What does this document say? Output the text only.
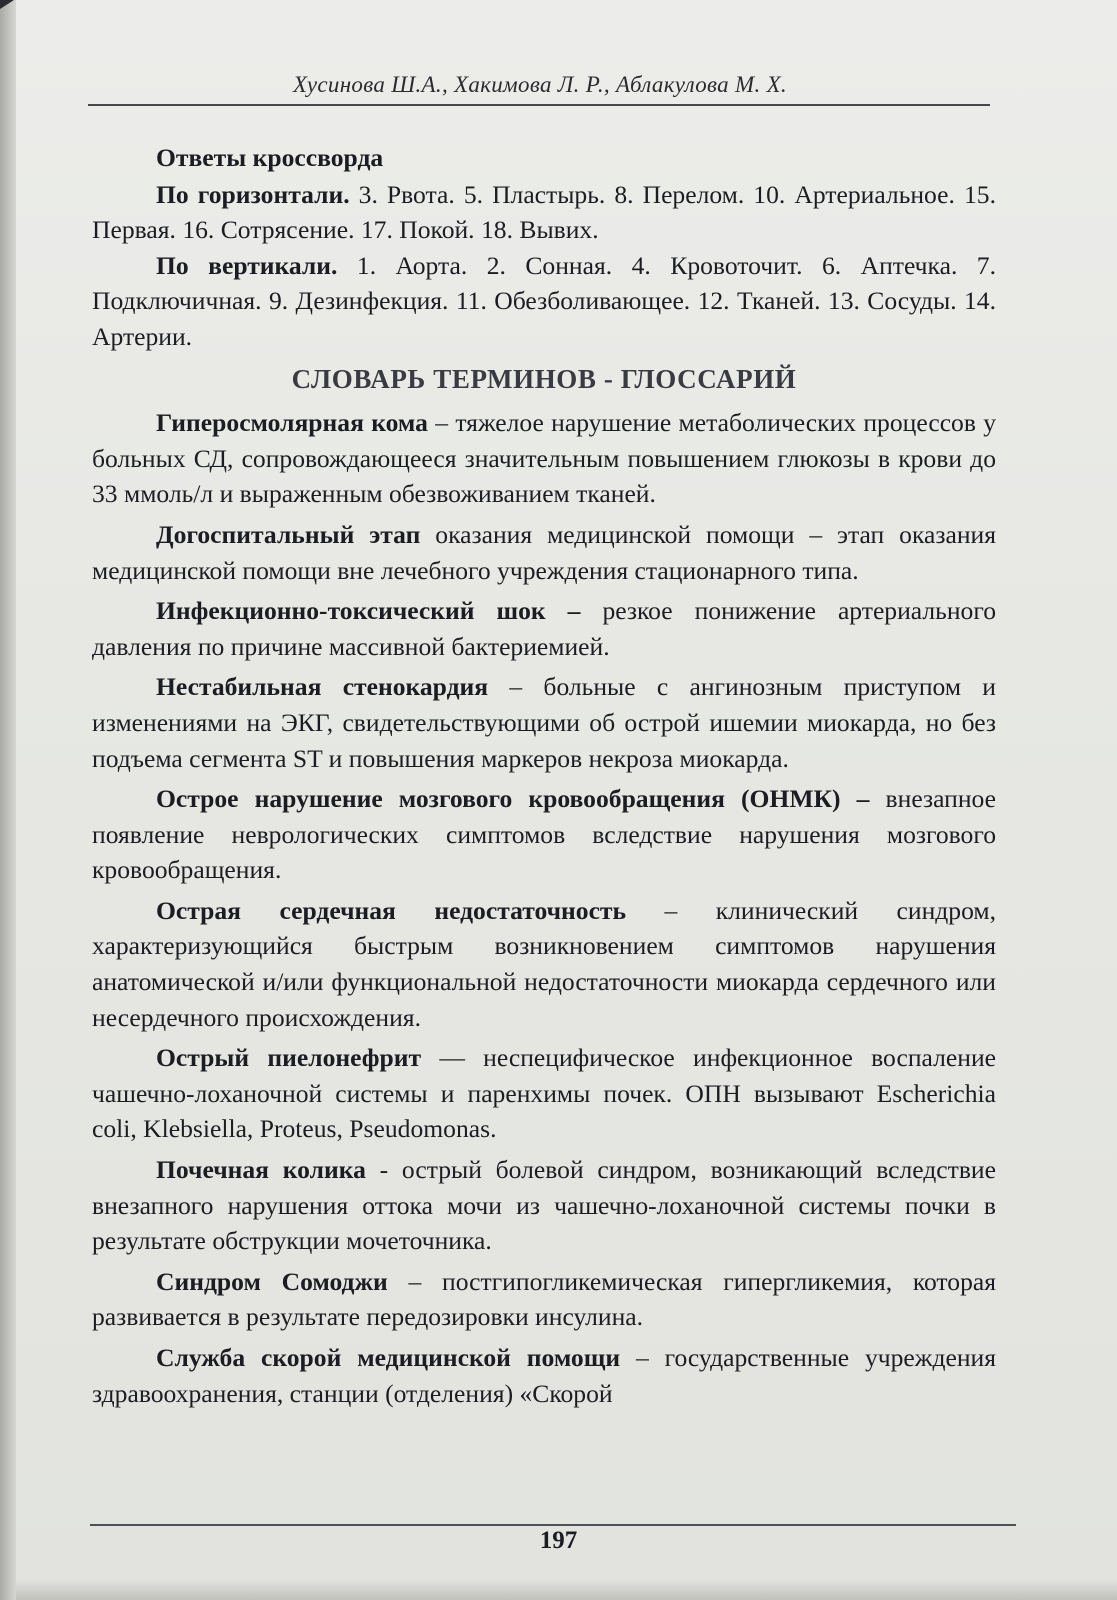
Хусинова Ш.А., Хакимова Л. Р., Аблакулова М. Х.
Ответы кроссворда

По горизонтали. 3. Рвота. 5. Пластырь. 8. Перелом. 10. Артериальное. 15. Первая. 16. Сотрясение. 17. Покой. 18. Вывих.

По вертикали. 1. Аорта. 2. Сонная. 4. Кровоточит. 6. Аптечка. 7. Подключичная. 9. Дезинфекция. 11. Обезболивающее. 12. Тканей. 13. Сосуды. 14. Артерии.

СЛОВАРЬ ТЕРМИНОВ - ГЛОССАРИЙ

Гиперосмолярная кома – тяжелое нарушение метаболических процессов у больных СД, сопровождающееся значительным повышением глюкозы в крови до 33 ммоль/л и выраженным обезвоживанием тканей.

Догоспитальный этап оказания медицинской помощи – этап оказания медицинской помощи вне лечебного учреждения стационарного типа.

Инфекционно-токсический шок – резкое понижение артериального давления по причине массивной бактериемией.

Нестабильная стенокардия – больные с ангинозным приступом и изменениями на ЭКГ, свидетельствующими об острой ишемии миокарда, но без подъема сегмента ST и повышения маркеров некроза миокарда.

Острое нарушение мозгового кровообращения (ОНМК) – внезапное появление неврологических симптомов вследствие нарушения мозгового кровообращения.

Острая сердечная недостаточность – клинический синдром, характеризующийся быстрым возникновением симптомов нарушения анатомической и/или функциональной недостаточности миокарда сердечного или несердечного происхождения.

Острый пиелонефрит — неспецифическое инфекционное воспаление чашечно-лоханочной системы и паренхимы почек. ОПН вызывают Escherichia coli, Klebsiella, Proteus, Pseudomonas.

Почечная колика - острый болевой синдром, возникающий вследствие внезапного нарушения оттока мочи из чашечно-лоханочной системы почки в результате обструкции мочеточника.

Синдром Сомоджи – постгипогликемическая гипергликемия, которая развивается в результате передозировки инсулина.

Служба скорой медицинской помощи – государственные учреждения здравоохранения, станции (отделения) «Скорой

197
